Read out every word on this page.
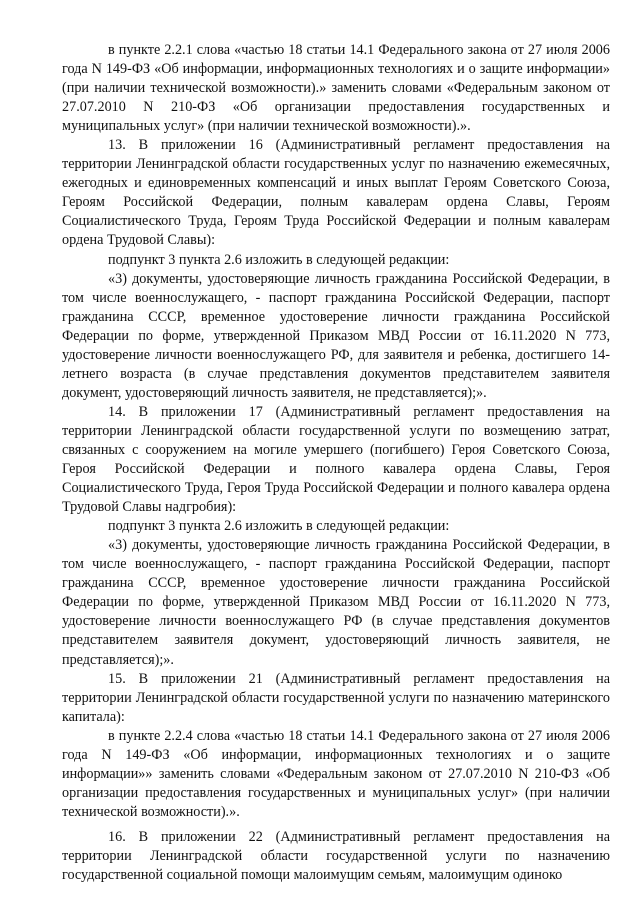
в пункте 2.2.1 слова «частью 18 статьи 14.1 Федерального закона от 27 июля 2006 года N 149-ФЗ «Об информации, информационных технологиях и о защите информации» (при наличии технической возможности).» заменить словами «Федеральным законом от 27.07.2010 N 210-ФЗ «Об организации предоставления государственных и муниципальных услуг» (при наличии технической возможности).».

13. В приложении 16 (Административный регламент предоставления на территории Ленинградской области государственных услуг по назначению ежемесячных, ежегодных и единовременных компенсаций и иных выплат Героям Советского Союза, Героям Российской Федерации, полным кавалерам ордена Славы, Героям Социалистического Труда, Героям Труда Российской Федерации и полным кавалерам ордена Трудовой Славы):

подпункт 3 пункта 2.6 изложить в следующей редакции:

«3) документы, удостоверяющие личность гражданина Российской Федерации, в том числе военнослужащего, - паспорт гражданина Российской Федерации, паспорт гражданина СССР, временное удостоверение личности гражданина Российской Федерации по форме, утвержденной Приказом МВД России от 16.11.2020 N 773, удостоверение личности военнослужащего РФ, для заявителя и ребенка, достигшего 14-летнего возраста (в случае представления документов представителем заявителя документ, удостоверяющий личность заявителя, не представляется);».

14. В приложении 17 (Административный регламент предоставления на территории Ленинградской области государственной услуги по возмещению затрат, связанных с сооружением на могиле умершего (погибшего) Героя Советского Союза, Героя Российской Федерации и полного кавалера ордена Славы, Героя Социалистического Труда, Героя Труда Российской Федерации и полного кавалера ордена Трудовой Славы надгробия):

подпункт 3 пункта 2.6 изложить в следующей редакции:

«3) документы, удостоверяющие личность гражданина Российской Федерации, в том числе военнослужащего, - паспорт гражданина Российской Федерации, паспорт гражданина СССР, временное удостоверение личности гражданина Российской Федерации по форме, утвержденной Приказом МВД России от 16.11.2020 N 773, удостоверение личности военнослужащего РФ (в случае представления документов представителем заявителя документ, удостоверяющий личность заявителя, не представляется);».

15. В приложении 21 (Административный регламент предоставления на территории Ленинградской области государственной услуги по назначению материнского капитала):

в пункте 2.2.4 слова «частью 18 статьи 14.1 Федерального закона от 27 июля 2006 года N 149-ФЗ «Об информации, информационных технологиях и о защите информации»» заменить словами «Федеральным законом от 27.07.2010 N 210-ФЗ «Об организации предоставления государственных и муниципальных услуг» (при наличии технической возможности).».

16. В приложении 22 (Административный регламент предоставления на территории Ленинградской области государственной услуги по назначению государственной социальной помощи малоимущим семьям, малоимущим одиноко
